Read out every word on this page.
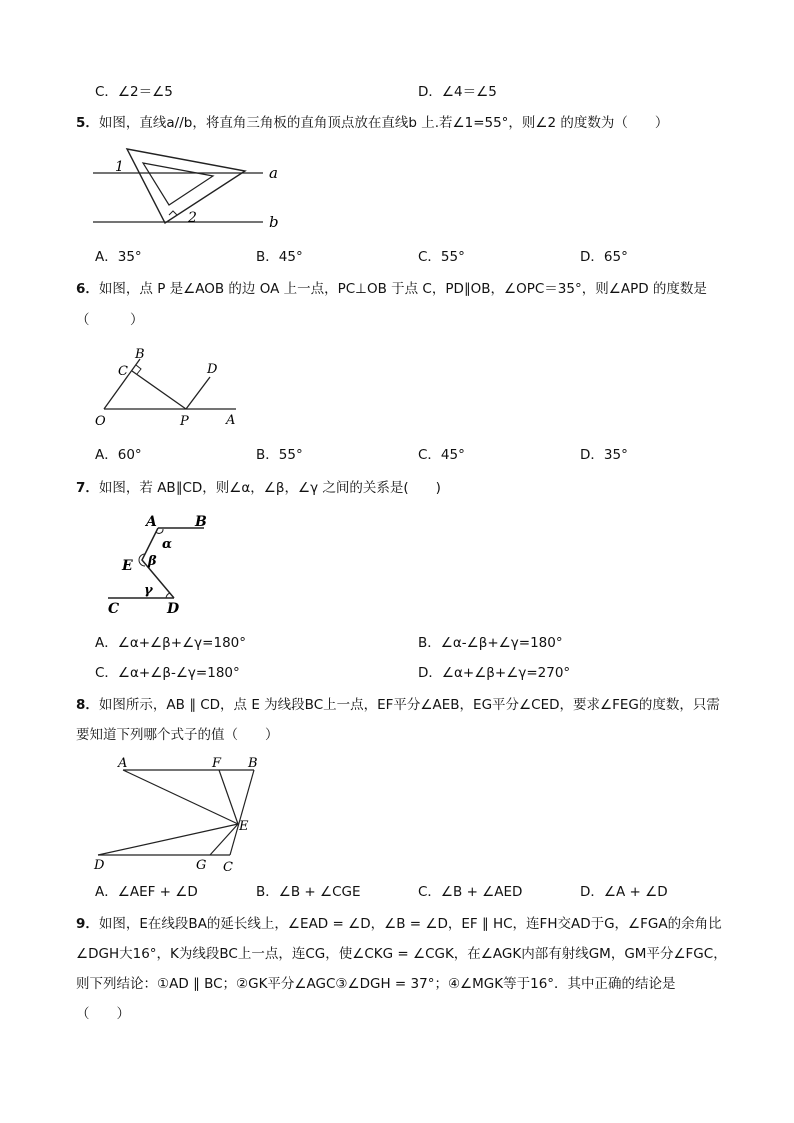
C．∠2＝∠5	D．∠4＝∠5
5．如图，直线a//b，将直角三角板的直角顶点放在直线b 上.若∠1=55°，则∠2 的度数为（　　）
1
2
a
b
A．35°	B．45°	C．55°	D．65°
6．如图，点 P 是∠AOB 的边 OA 上一点，PC⊥OB 于点 C，PD∥OB，∠OPC＝35°，则∠APD 的度数是
（　　　）
B
C	D
O	P	A
A．60°	B．55°	C．45°	D．35°
7．如图，若 AB∥CD，则∠α，∠β，∠γ 之间的关系是(　　)
A	B
E
C	D
α
β
γ
A．∠α+∠β+∠γ=180°	B．∠α-∠β+∠γ=180°
C．∠α+∠β-∠γ=180°	D．∠α+∠β+∠γ=270°
8．如图所示，AB ∥ CD，点 E 为线段BC上一点，EF平分∠AEB，EG平分∠CED，要求∠FEG的度数，只需
要知道下列哪个式子的值（　　）
A	F B
E
D	G C
A．∠AEF + ∠D	B．∠B + ∠CGE	C．∠B + ∠AED	D．∠A + ∠D
9．如图，E在线段BA的延长线上，∠EAD = ∠D，∠B = ∠D，EF ∥ HC，连FH交AD于G，∠FGA的余角比
∠DGH大16°，K为线段BC上一点，连CG，使∠CKG = ∠CGK，在∠AGK内部有射线GM，GM平分∠FGC，
则下列结论：①AD ∥ BC；②GK平分∠AGC③∠DGH = 37°；④∠MGK等于16°．其中正确的结论是
（　　）
